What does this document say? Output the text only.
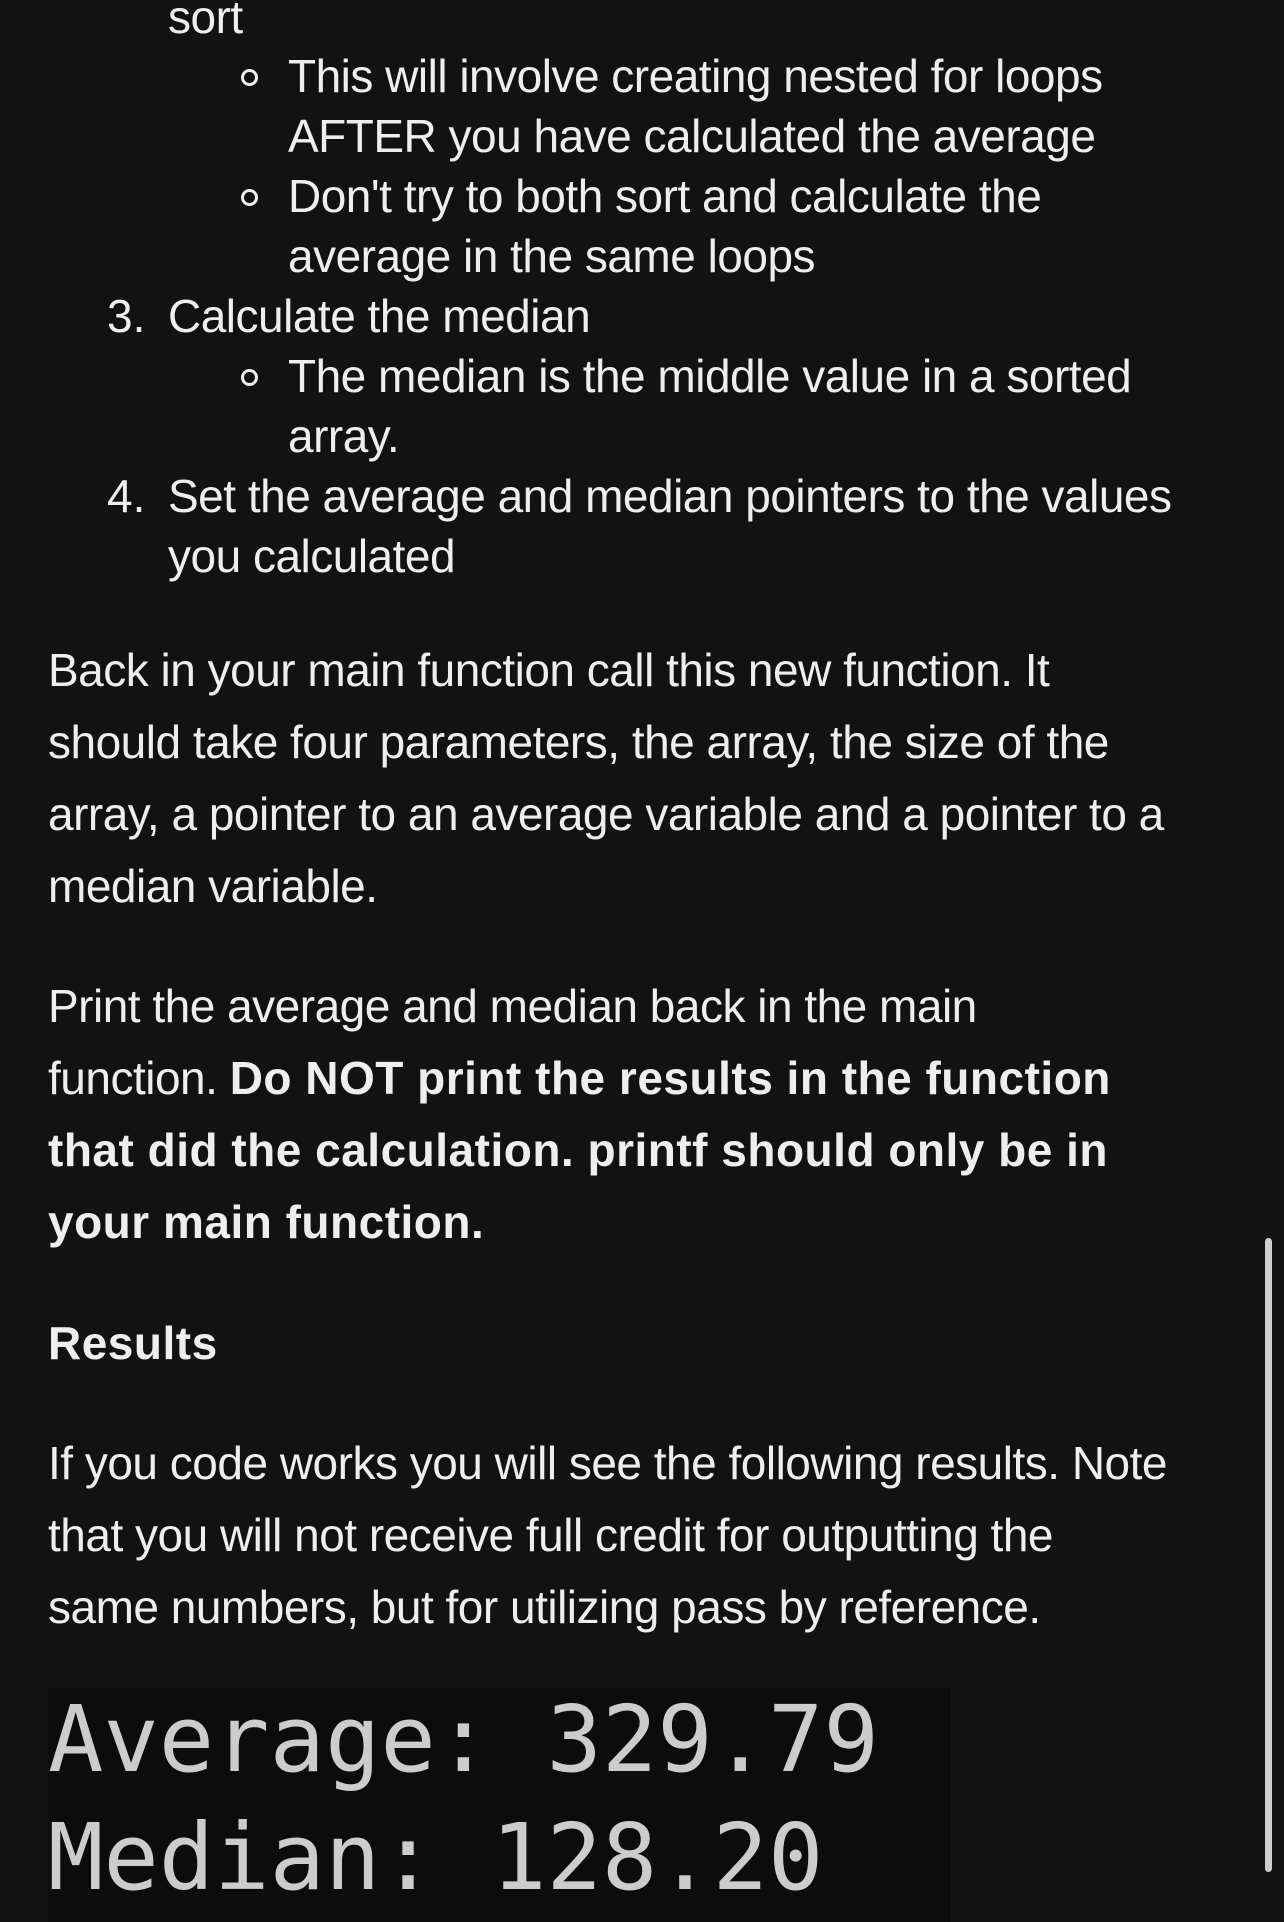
sort
This will involve creating nested for loops
AFTER you have calculated the average
Don't try to both sort and calculate the
average in the same loops
3. Calculate the median
The median is the middle value in a sorted
array.
4. Set the average and median pointers to the values
you calculated
Back in your main function call this new function. It
should take four parameters, the array, the size of the
array, a pointer to an average variable and a pointer to a
median variable.
Print the average and median back in the main
function. Do NOT print the results in the function
that did the calculation. printf should only be in
your main function.
Results
If you code works you will see the following results. Note
that you will not receive full credit for outputting the
same numbers, but for utilizing pass by reference.
Average: 329.79
Median: 128.20
